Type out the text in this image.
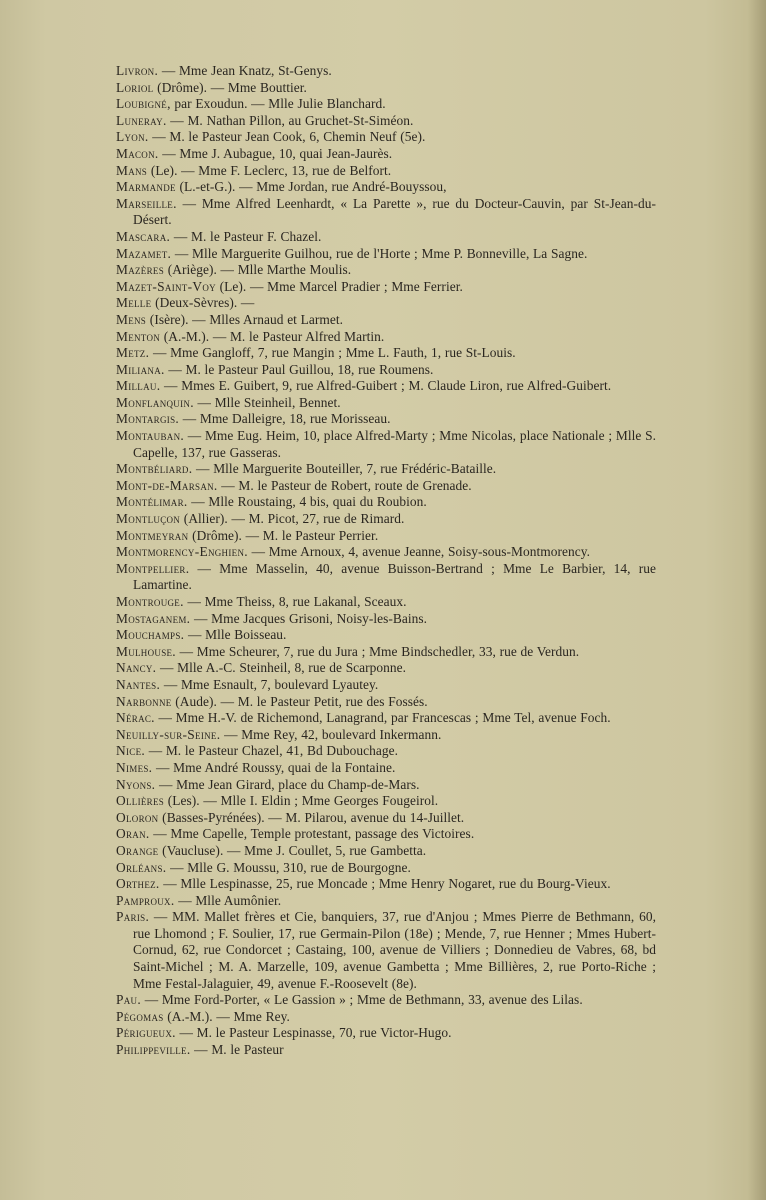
Livron. — Mme Jean Knatz, St-Genys.
Loriol (Drôme). — Mme Bouttier.
Loubigné, par Exoudun. — Mlle Julie Blanchard.
Luneray. — M. Nathan Pillon, au Gruchet-St-Siméon.
Lyon. — M. le Pasteur Jean Cook, 6, Chemin Neuf (5e).
Macon. — Mme J. Aubague, 10, quai Jean-Jaurès.
Mans (Le). — Mme F. Leclerc, 13, rue de Belfort.
Marmande (L.-et-G.). — Mme Jordan, rue André-Bouyssou,
Marseille. — Mme Alfred Leenhardt, « La Parette », rue du Docteur-Cauvin, par St-Jean-du-Désert.
Mascara. — M. le Pasteur F. Chazel.
Mazamet. — Mlle Marguerite Guilhou, rue de l'Horte ; Mme P. Bonneville, La Sagne.
Mazères (Ariège). — Mlle Marthe Moulis.
Mazet-Saint-Voy (Le). — Mme Marcel Pradier ; Mme Ferrier.
Melle (Deux-Sèvres). —
Mens (Isère). — Mlles Arnaud et Larmet.
Menton (A.-M.). — M. le Pasteur Alfred Martin.
Metz. — Mme Gangloff, 7, rue Mangin ; Mme L. Fauth, 1, rue St-Louis.
Miliana. — M. le Pasteur Paul Guillou, 18, rue Roumens.
Millau. — Mmes E. Guibert, 9, rue Alfred-Guibert ; M. Claude Liron, rue Alfred-Guibert.
Monflanquin. — Mlle Steinheil, Bennet.
Montargis. — Mme Dalleigre, 18, rue Morisseau.
Montauban. — Mme Eug. Heim, 10, place Alfred-Marty ; Mme Nicolas, place Nationale ; Mlle S. Capelle, 137, rue Gasseras.
Montbéliard. — Mlle Marguerite Bouteiller, 7, rue Frédéric-Bataille.
Mont-de-Marsan. — M. le Pasteur de Robert, route de Grenade.
Montélimar. — Mlle Roustaing, 4 bis, quai du Roubion.
Montluçon (Allier). — M. Picot, 27, rue de Rimard.
Montmeyran (Drôme). — M. le Pasteur Perrier.
Montmorency-Enghien. — Mme Arnoux, 4, avenue Jeanne, Soisy-sous-Montmorency.
Montpellier. — Mme Masselin, 40, avenue Buisson-Bertrand ; Mme Le Barbier, 14, rue Lamartine.
Montrouge. — Mme Theiss, 8, rue Lakanal, Sceaux.
Mostaganem. — Mme Jacques Grisoni, Noisy-les-Bains.
Mouchamps. — Mlle Boisseau.
Mulhouse. — Mme Scheurer, 7, rue du Jura ; Mme Bindschedler, 33, rue de Verdun.
Nancy. — Mlle A.-C. Steinheil, 8, rue de Scarponne.
Nantes. — Mme Esnault, 7, boulevard Lyautey.
Narbonne (Aude). — M. le Pasteur Petit, rue des Fossés.
Nérac. — Mme H.-V. de Richemond, Lanagrand, par Francescas ; Mme Tel, avenue Foch.
Neuilly-sur-Seine. — Mme Rey, 42, boulevard Inkermann.
Nice. — M. le Pasteur Chazel, 41, Bd Dubouchage.
Nimes. — Mme André Roussy, quai de la Fontaine.
Nyons. — Mme Jean Girard, place du Champ-de-Mars.
Ollières (Les). — Mlle I. Eldin ; Mme Georges Fougeirol.
Oloron (Basses-Pyrénées). — M. Pilarou, avenue du 14-Juillet.
Oran. — Mme Capelle, Temple protestant, passage des Victoires.
Orange (Vaucluse). — Mme J. Coullet, 5, rue Gambetta.
Orléans. — Mlle G. Moussu, 310, rue de Bourgogne.
Orthez. — Mlle Lespinasse, 25, rue Moncade ; Mme Henry Nogaret, rue du Bourg-Vieux.
Pamproux. — Mlle Aumônier.
Paris. — MM. Mallet frères et Cie, banquiers, 37, rue d'Anjou ; Mmes Pierre de Bethmann, 60, rue Lhomond ; F. Soulier, 17, rue Germain-Pilon (18e) ; Mende, 7, rue Henner ; Mmes Hubert-Cornud, 62, rue Condorcet ; Castaing, 100, avenue de Villiers ; Donnedieu de Vabres, 68, bd Saint-Michel ; M. A. Marzelle, 109, avenue Gambetta ; Mme Billières, 2, rue Porto-Riche ; Mme Festal-Jalaguier, 49, avenue F.-Roosevelt (8e).
Pau. — Mme Ford-Porter, « Le Gassion » ; Mme de Bethmann, 33, avenue des Lilas.
Pégomas (A.-M.). — Mme Rey.
Périgueux. — M. le Pasteur Lespinasse, 70, rue Victor-Hugo.
Philippeville. — M. le Pasteur
